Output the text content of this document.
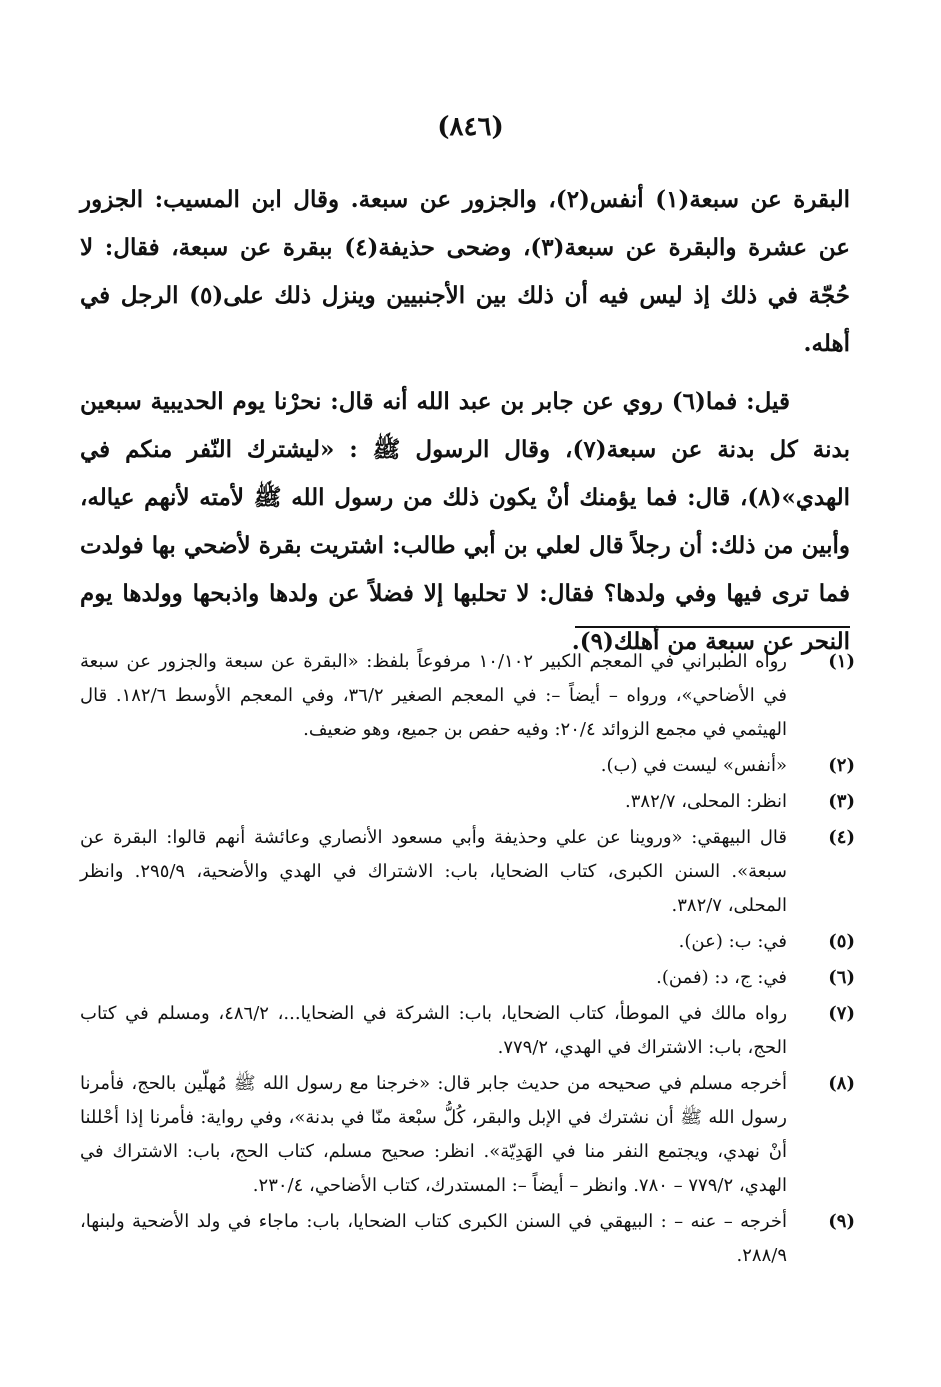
(٨٤٦)

البقرة عن سبعة(١) أنفس(٢)، والجزور عن سبعة. وقال ابن المسيب: الجزور عن عشرة والبقرة عن سبعة(٣)، وضحى حذيفة(٤) ببقرة عن سبعة، فقال: لا حُجّة في ذلك إذ ليس فيه أن ذلك بين الأجنبيين وينزل ذلك على(٥) الرجل في أهله.

قيل: فما(٦) روي عن جابر بن عبد الله أنه قال: نحرْنا يوم الحديبية سبعين بدنة كل بدنة عن سبعة(٧)، وقال الرسول ﷺ : «ليشترك النّفر منكم في الهدي»(٨)، قال: فما يؤمنك أنْ يكون ذلك من رسول الله ﷺ لأمته لأنهم عياله، وأبين من ذلك: أن رجلاً قال لعلي بن أبي طالب: اشتريت بقرة لأضحي بها فولدت فما ترى فيها وفي ولدها؟ فقال: لا تحلبها إلا فضلاً عن ولدها واذبحها وولدها يوم النحر عن سبعة من أهلك(٩).

(١)
رواه الطبراني في المعجم الكبير ١٠/١٠٢ مرفوعاً بلفظ: «البقرة عن سبعة والجزور عن سبعة في الأضاحي»، ورواه – أيضاً –: في المعجم الصغير ٣٦/٢، وفي المعجم الأوسط ١٨٢/٦. قال الهيثمي في مجمع الزوائد ٢٠/٤: وفيه حفص بن جميع، وهو ضعيف.
(٢)
«أنفس» ليست في (ب).
(٣)
انظر: المحلى، ٣٨٢/٧.
(٤)
قال البيهقي: «وروينا عن علي وحذيفة وأبي مسعود الأنصاري وعائشة أنهم قالوا: البقرة عن سبعة». السنن الكبرى، كتاب الضحايا، باب: الاشتراك في الهدي والأضحية، ٢٩٥/٩. وانظر المحلى، ٣٨٢/٧.
(٥)
في: ب: (عن).
(٦)
في: ج، د: (فمن).
(٧)
رواه مالك في الموطأ، كتاب الضحايا، باب: الشركة في الضحايا...، ٤٨٦/٢، ومسلم في كتاب الحج، باب: الاشتراك في الهدي، ٧٧٩/٢.
(٨)
أخرجه مسلم في صحيحه من حديث جابر قال: «خرجنا مع رسول الله ﷺ مُهلّين بالحج، فأمرنا رسول الله ﷺ أن نشترك في الإبل والبقر، كُلُّ سبْعة منّا في بدنة»، وفي رواية: فأمرنا إذا أحْللنا أنْ نهدي، ويجتمع النفر منا في الهَدِيّة». انظر: صحيح مسلم، كتاب الحج، باب: الاشتراك في الهدي، ٧٧٩/٢ – ٧٨٠. وانظر – أيضاً –: المستدرك، كتاب الأضاحي، ٢٣٠/٤.
(٩)
أخرجه – عنه – : البيهقي في السنن الكبرى كتاب الضحايا، باب: ماجاء في ولد الأضحية ولبنها، ٢٨٨/٩.
